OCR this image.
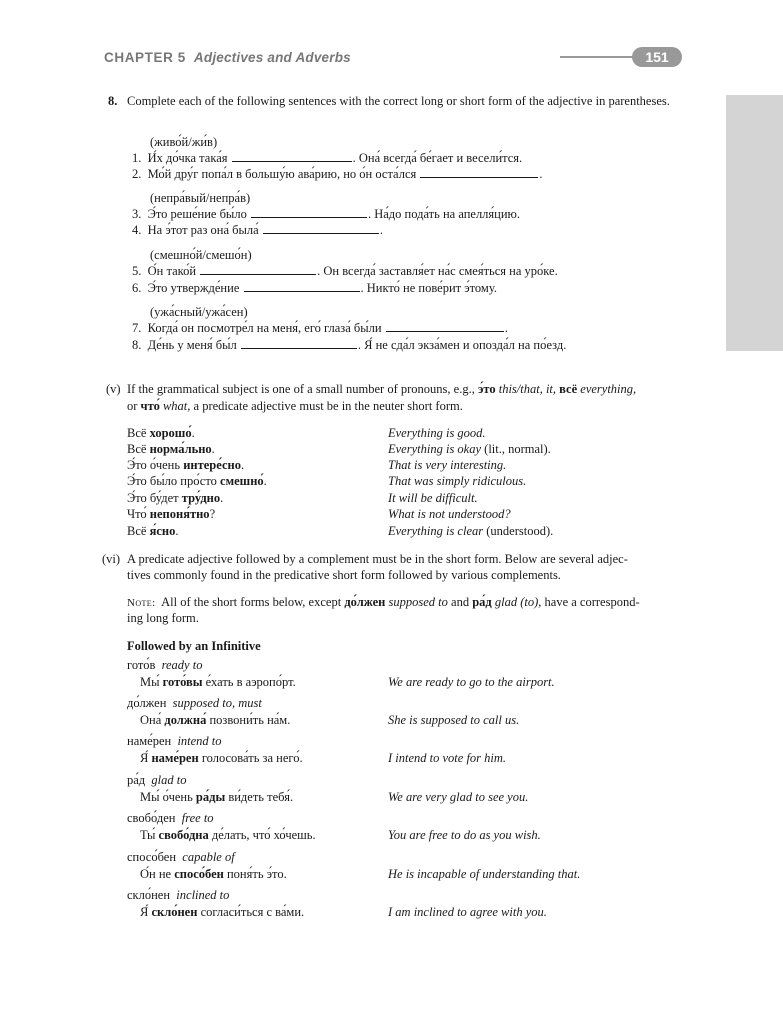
CHAPTER 5 Adjectives and Adverbs	151
8. Complete each of the following sentences with the correct long or short form of the adjective in parentheses.
(живо́й/жи́в)
1. И́х до́чка така́я	. Она́ всегда́ бе́гает и весели́тся.
2. Мо́й дру́г попа́л в большу́ю ава́рию, но о́н оста́лся	.
(непра́вый/непра́в)
3. Э́то реше́ние бы́ло	. На́до пода́ть на апелля́цию.
4. На э́тот раз она́ была́	.
(смешно́й/смешо́н)
5. О́н тако́й	. Он всегда́ заставля́ет на́с смея́ться на уро́ке.
6. Э́то утвержде́ние	. Никто́ не пове́рит э́тому.
(ужа́сный/ужа́сен)
7. Когда́ он посмотре́л на меня́, его́ глаза́ бы́ли	.
8. Де́нь у меня́ бы́л	. Я́ не сда́л экза́мен и опозда́л на по́езд.
(v) If the grammatical subject is one of a small number of pronouns, e.g., э́то this/that, it, всё everything,
or что́ what, a predicate adjective must be in the neuter short form.
Всё хорошо́.	Everything is good.
Всё норма́льно.	Everything is okay (lit., normal).
Э́то о́чень интере́сно.	That is very interesting.
Э́то бы́ло про́сто смешно́.	That was simply ridiculous.
Э́то бу́дет тру́дно.	It will be difficult.
Что́ непоня́тно?	What is not understood?
Всё я́сно.	Everything is clear (understood).
(vi) A predicate adjective followed by a complement must be in the short form. Below are several adjec-
tives commonly found in the predicative short form followed by various complements.
Note: All of the short forms below, except до́лжен supposed to and ра́д glad (to), have a correspond-
ing long form.
Followed by an Infinitive
гото́в ready to
Мы́ гото́вы е́хать в аэропо́рт.	We are ready to go to the airport.
до́лжен supposed to, must
Она́ должна́ позвони́ть на́м.	She is supposed to call us.
наме́рен intend to
Я́ наме́рен голосова́ть за него́.	I intend to vote for him.
ра́д glad to
Мы́ о́чень ра́ды ви́деть тебя́.	We are very glad to see you.
свобо́ден free to
Ты́ свобо́дна де́лать, что́ хо́чешь.	You are free to do as you wish.
спосо́бен capable of
О́н не спосо́бен поня́ть э́то.	He is incapable of understanding that.
скло́нен inclined to
Я́ скло́нен согласи́ться с ва́ми.	I am inclined to agree with you.
